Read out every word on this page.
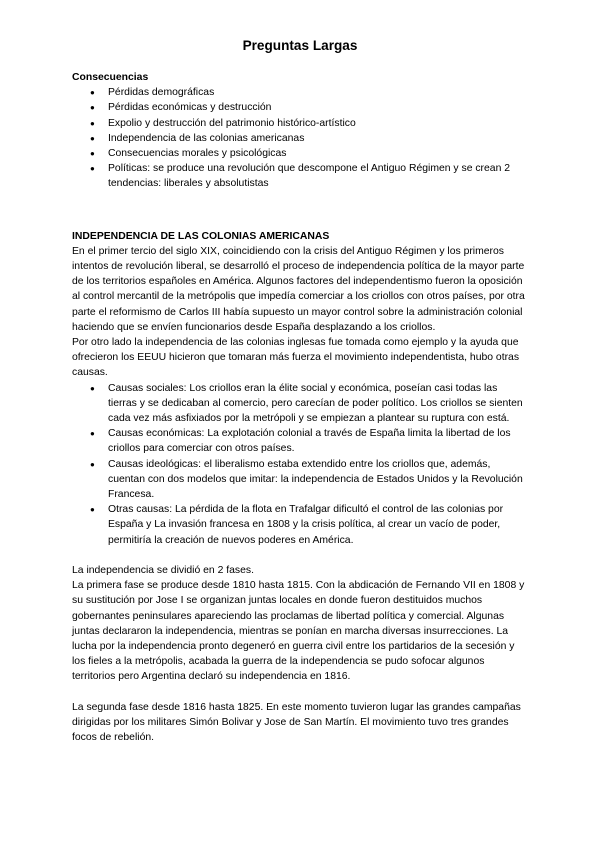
Preguntas Largas
Consecuencias
● Pérdidas demográficas
● Pérdidas económicas y destrucción
● Expolio y destrucción del patrimonio histórico-artístico
● Independencia de las colonias americanas
● Consecuencias morales y psicológicas
● Políticas: se produce una revolución que descompone el Antiguo Régimen y se crean 2 tendencias: liberales y absolutistas
INDEPENDENCIA DE LAS COLONIAS AMERICANAS

En el primer tercio del siglo XIX, coincidiendo con la crisis del Antiguo Régimen y los primeros intentos de revolución liberal, se desarrolló el proceso de independencia política de la mayor parte de los territorios españoles en América. Algunos factores del independentismo fueron la oposición al control mercantil de la metrópolis que impedía comerciar a los criollos con otros países, por otra parte el reformismo de Carlos III había supuesto un mayor control sobre la administración colonial haciendo que se envíen funcionarios desde España desplazando a los criollos.

Por otro lado la independencia de las colonias inglesas fue tomada como ejemplo y la ayuda que ofrecieron los EEUU hicieron que tomaran más fuerza el movimiento independentista, hubo otras causas.

● Causas sociales: Los criollos eran la élite social y económica, poseían casi todas las tierras y se dedicaban al comercio, pero carecían de poder político. Los criollos se sienten cada vez más asfixiados por la metrópoli y se empiezan a plantear su ruptura con está.
● Causas económicas: La explotación colonial a través de España limita la libertad de los criollos para comerciar con otros países.
● Causas ideológicas: el liberalismo estaba extendido entre los criollos que, además, cuentan con dos modelos que imitar: la independencia de Estados Unidos y la Revolución Francesa.
● Otras causas: La pérdida de la flota en Trafalgar dificultó el control de las colonias por España y La invasión francesa en 1808 y la crisis política, al crear un vacío de poder, permitiría la creación de nuevos poderes en América.

La independencia se dividió en 2 fases.

La primera fase se produce desde 1810 hasta 1815. Con la abdicación de Fernando VII en 1808 y su sustitución por Jose I se organizan juntas locales en donde fueron destituidos muchos gobernantes peninsulares apareciendo las proclamas de libertad política y comercial. Algunas juntas declararon la independencia, mientras se ponían en marcha diversas insurrecciones. La lucha por la independencia pronto degeneró en guerra civil entre los partidarios de la secesión y los fieles a la metrópolis, acabada la guerra de la independencia se pudo sofocar algunos territorios pero Argentina declaró su independencia en 1816.

La segunda fase desde 1816 hasta 1825. En este momento tuvieron lugar las grandes campañas dirigidas por los militares Simón Bolivar y Jose de San Martín. El movimiento tuvo tres grandes focos de rebelión.
